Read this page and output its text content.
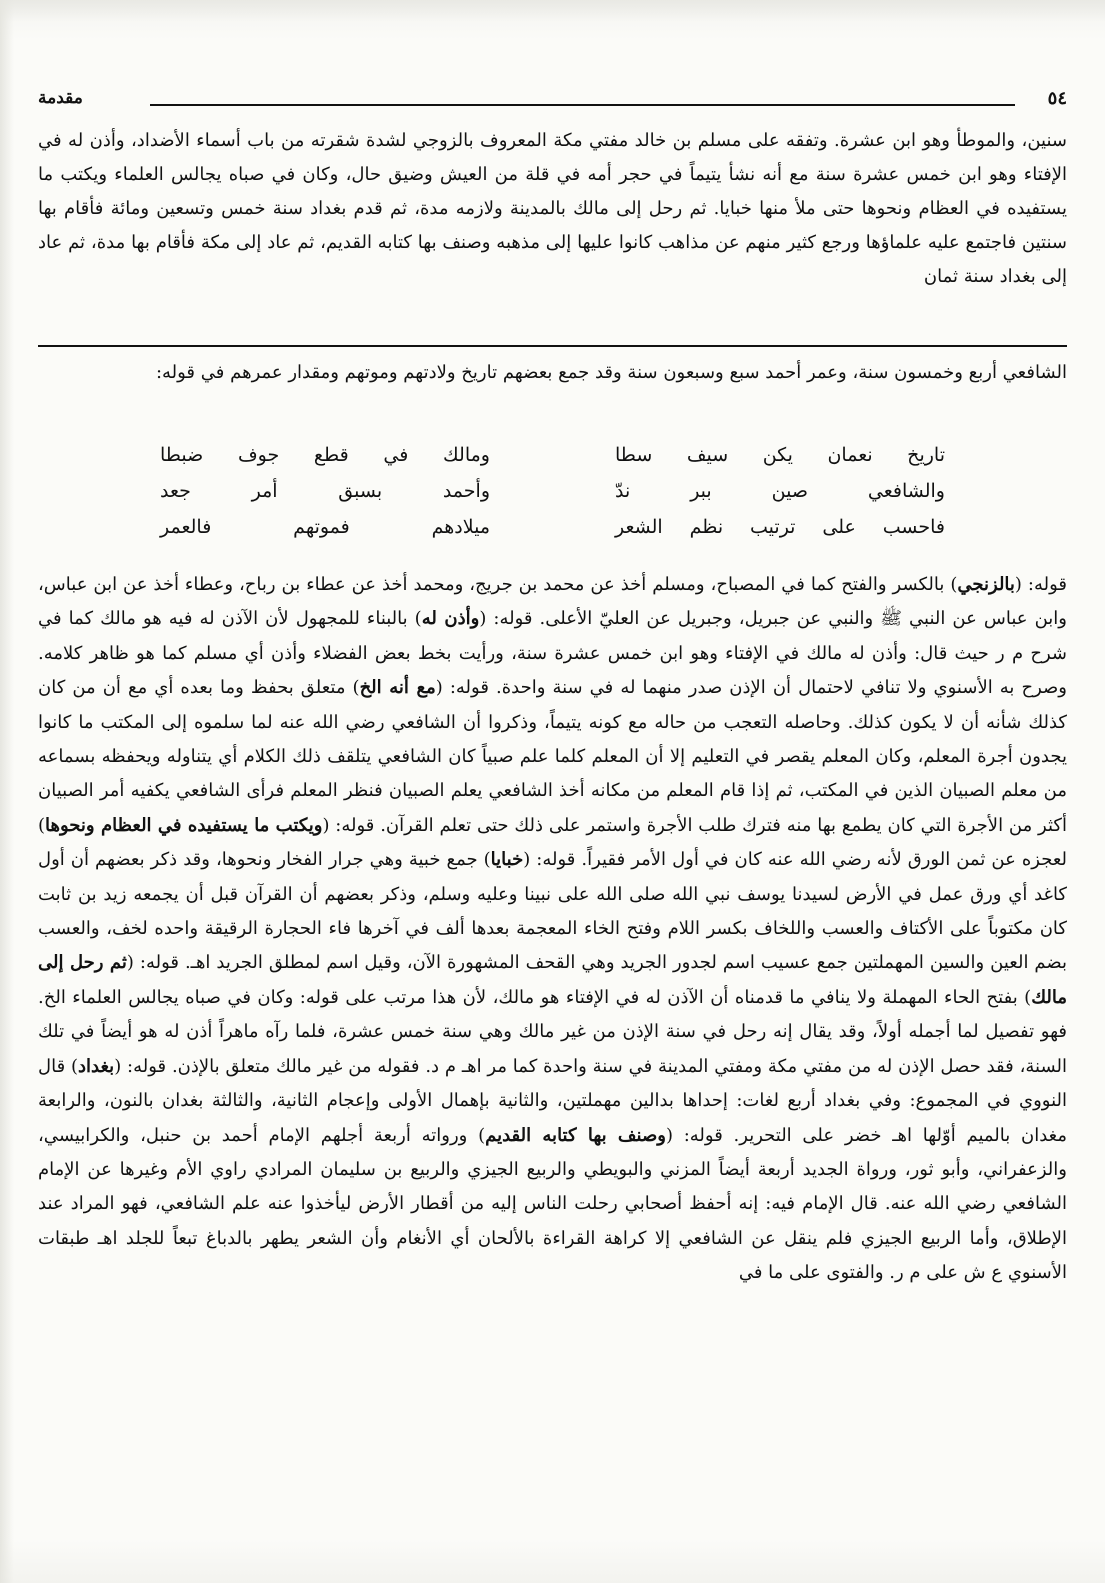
٥٤
مقدمة

سنين، والموطأ وهو ابن عشرة. وتفقه على مسلم بن خالد مفتي مكة المعروف بالزوجي لشدة شقرته من باب أسماء الأضداد، وأذن له في الإفتاء وهو ابن خمس عشرة سنة مع أنه نشأ يتيماً في حجر أمه في قلة من العيش وضيق حال، وكان في صباه يجالس العلماء ويكتب ما يستفيده في العظام ونحوها حتى ملأ منها خبايا. ثم رحل إلى مالك بالمدينة ولازمه مدة، ثم قدم بغداد سنة خمس وتسعين ومائة فأقام بها سنتين فاجتمع عليه علماؤها ورجع كثير منهم عن مذاهب كانوا عليها إلى مذهبه وصنف بها كتابه القديم، ثم عاد إلى مكة فأقام بها مدة، ثم عاد إلى بغداد سنة ثمان

الشافعي أربع وخمسون سنة، وعمر أحمد سبع وسبعون سنة وقد جمع بعضهم تاريخ ولادتهم وموتهم ومقدار عمرهم في قوله:

تاريخ نعمان يكن سيف سطا
ومالك في قطع جوف ضبطا
والشافعي صين ببر ندّ
وأحمد بسبق أمر جعد
فاحسب على ترتيب نظم الشعر
ميلادهم فموتهم فالعمر

قوله: (بالزنجي) بالكسر والفتح كما في المصباح، ومسلم أخذ عن محمد بن جريج، ومحمد أخذ عن عطاء بن رباح، وعطاء أخذ عن ابن عباس، وابن عباس عن النبي ﷺ والنبي عن جبريل، وجبريل عن العليّ الأعلى. قوله: (وأذن له) بالبناء للمجهول لأن الآذن له فيه هو مالك كما في شرح م ر حيث قال: وأذن له مالك في الإفتاء وهو ابن خمس عشرة سنة، ورأيت بخط بعض الفضلاء وأذن أي مسلم كما هو ظاهر كلامه. وصرح به الأسنوي ولا تنافي لاحتمال أن الإذن صدر منهما له في سنة واحدة. قوله: (مع أنه الخ) متعلق بحفظ وما بعده أي مع أن من كان كذلك شأنه أن لا يكون كذلك. وحاصله التعجب من حاله مع كونه يتيماً، وذكروا أن الشافعي رضي الله عنه لما سلموه إلى المكتب ما كانوا يجدون أجرة المعلم، وكان المعلم يقصر في التعليم إلا أن المعلم كلما علم صبياً كان الشافعي يتلقف ذلك الكلام أي يتناوله ويحفظه بسماعه من معلم الصبيان الذين في المكتب، ثم إذا قام المعلم من مكانه أخذ الشافعي يعلم الصبيان فنظر المعلم فرأى الشافعي يكفيه أمر الصبيان أكثر من الأجرة التي كان يطمع بها منه فترك طلب الأجرة واستمر على ذلك حتى تعلم القرآن. قوله: (ويكتب ما يستفيده في العظام ونحوها) لعجزه عن ثمن الورق لأنه رضي الله عنه كان في أول الأمر فقيراً. قوله: (خبايا) جمع خبية وهي جرار الفخار ونحوها، وقد ذكر بعضهم أن أول كاغد أي ورق عمل في الأرض لسيدنا يوسف نبي الله صلى الله على نبينا وعليه وسلم، وذكر بعضهم أن القرآن قبل أن يجمعه زيد بن ثابت كان مكتوباً على الأكتاف والعسب واللخاف بكسر اللام وفتح الخاء المعجمة بعدها ألف في آخرها فاء الحجارة الرقيقة واحده لخف، والعسب بضم العين والسين المهملتين جمع عسيب اسم لجدور الجريد وهي القحف المشهورة الآن، وقيل اسم لمطلق الجريد اهـ. قوله: (ثم رحل إلى مالك) بفتح الحاء المهملة ولا ينافي ما قدمناه أن الآذن له في الإفتاء هو مالك، لأن هذا مرتب على قوله: وكان في صباه يجالس العلماء الخ. فهو تفصيل لما أجمله أولاً، وقد يقال إنه رحل في سنة الإذن من غير مالك وهي سنة خمس عشرة، فلما رآه ماهراً أذن له هو أيضاً في تلك السنة، فقد حصل الإذن له من مفتي مكة ومفتي المدينة في سنة واحدة كما مر اهـ م د. فقوله من غير مالك متعلق بالإذن. قوله: (بغداد) قال النووي في المجموع: وفي بغداد أربع لغات: إحداها بدالين مهملتين، والثانية بإهمال الأولى وإعجام الثانية، والثالثة بغدان بالنون، والرابعة مغدان بالميم أوّلها اهـ خضر على التحرير. قوله: (وصنف بها كتابه القديم) ورواته أربعة أجلهم الإمام أحمد بن حنبل، والكرابيسي، والزعفراني، وأبو ثور، ورواة الجديد أربعة أيضاً المزني والبويطي والربيع الجيزي والربيع بن سليمان المرادي راوي الأم وغيرها عن الإمام الشافعي رضي الله عنه. قال الإمام فيه: إنه أحفظ أصحابي رحلت الناس إليه من أقطار الأرض ليأخذوا عنه علم الشافعي، فهو المراد عند الإطلاق، وأما الربيع الجيزي فلم ينقل عن الشافعي إلا كراهة القراءة بالألحان أي الأنغام وأن الشعر يطهر بالدباغ تبعاً للجلد اهـ طبقات الأسنوي ع ش على م ر. والفتوى على ما في
